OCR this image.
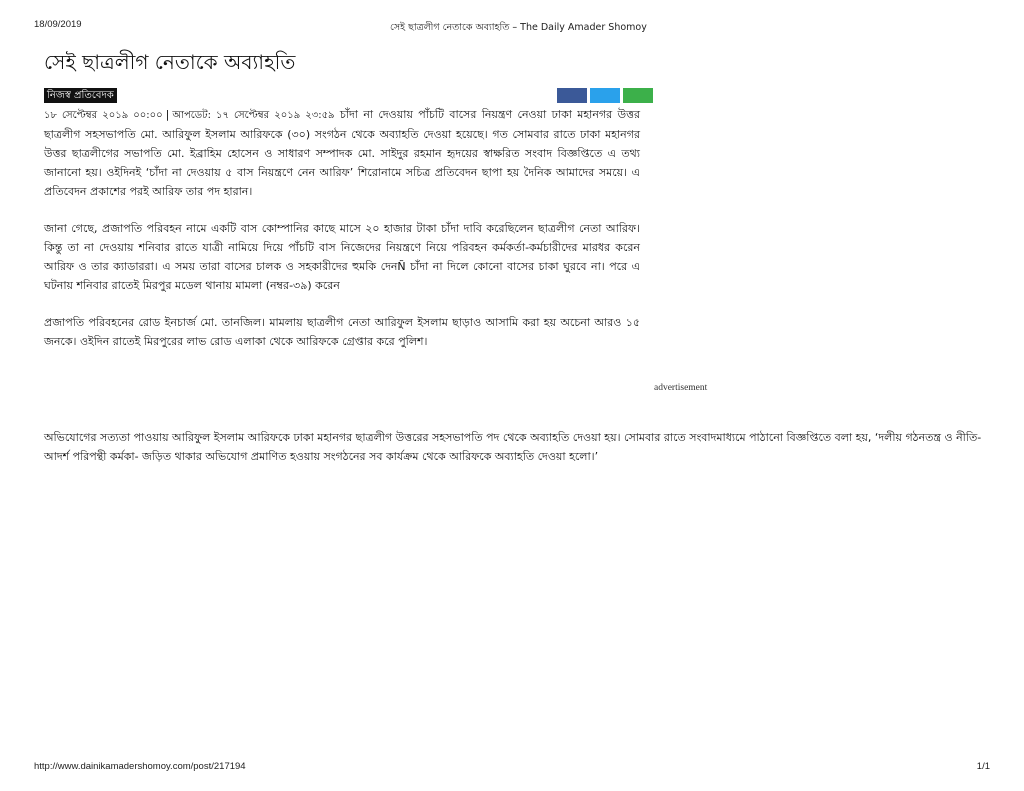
18/09/2019	সেই ছাত্রলীগ নেতাকে অব্যাহতি – The Daily Amader Shomoy
সেই ছাত্রলীগ নেতাকে অব্যাহতি
নিজস্ব প্রতিবেদক

১৮ সেপ্টেম্বর ২০১৯ ০০:০০ | আপডেট: ১৭ সেপ্টেম্বর ২০১৯ ২৩:৫৯ চাঁদা না দেওয়ায় পাঁচটি বাসের নিয়ন্ত্রণ নেওয়া ঢাকা মহানগর উত্তর ছাত্রলীগ সহসভাপতি মো. আরিফুল ইসলাম আরিফকে (৩০) সংগঠন থেকে অব্যাহতি দেওয়া হয়েছে। গত সোমবার রাতে ঢাকা মহানগর উত্তর ছাত্রলীগের সভাপতি মো. ইব্রাহিম হোসেন ও সাধারণ সম্পাদক মো. সাইদুর রহমান হৃদয়ের স্বাক্ষরিত সংবাদ বিজ্ঞপ্তিতে এ তথ্য জানানো হয়। ওইদিনই ‘চাঁদা না দেওয়ায় ৫ বাস নিয়ন্ত্রণে নেন আরিফ’ শিরোনামে সচিত্র প্রতিবেদন ছাপা হয় দৈনিক আমাদের সময়ে। এ প্রতিবেদন প্রকাশের পরই আরিফ তার পদ হারান।

জানা গেছে, প্রজাপতি পরিবহন নামে একটি বাস কোম্পানির কাছে মাসে ২০ হাজার টাকা চাঁদা দাবি করেছিলেন ছাত্রলীগ নেতা আরিফ। কিন্তু তা না দেওয়ায় শনিবার রাতে যাত্রী নামিয়ে দিয়ে পাঁচটি বাস নিজেদের নিয়ন্ত্রণে নিয়ে পরিবহন কর্মকর্তা-কর্মচারীদের মারধর করেন আরিফ ও তার ক্যাডাররা। এ সময় তারা বাসের চালক ও সহকারীদের হুমকি দেনÑ চাঁদা না দিলে কোনো বাসের চাকা ঘুরবে না। পরে এ ঘটনায় শনিবার রাতেই মিরপুর মডেল থানায় মামলা (নম্বর-৩৯) করেন

প্রজাপতি পরিবহনের রোড ইনচার্জ মো. তানজিল। মামলায় ছাত্রলীগ নেতা আরিফুল ইসলাম ছাড়াও আসামি করা হয় অচেনা আরও ১৫ জনকে। ওইদিন রাতেই মিরপুরের লাভ রোড এলাকা থেকে আরিফকে গ্রেপ্তার করে পুলিশ।

advertisement

অভিযোগের সত্যতা পাওয়ায় আরিফুল ইসলাম আরিফকে ঢাকা মহানগর ছাত্রলীগ উত্তরের সহসভাপতি পদ থেকে অব্যাহতি দেওয়া হয়। সোমবার রাতে সংবাদমাধ্যমে পাঠানো বিজ্ঞপ্তিতে বলা হয়, ‘দলীয় গঠনতন্ত্র ও নীতি-আদর্শ পরিপন্থী কর্মকা- জড়িত থাকার অভিযোগ প্রমাণিত হওয়ায় সংগঠনের সব কার্যক্রম থেকে আরিফকে অব্যাহতি দেওয়া হলো।’

http://www.dainikamadershomoy.com/post/217194	1/1
